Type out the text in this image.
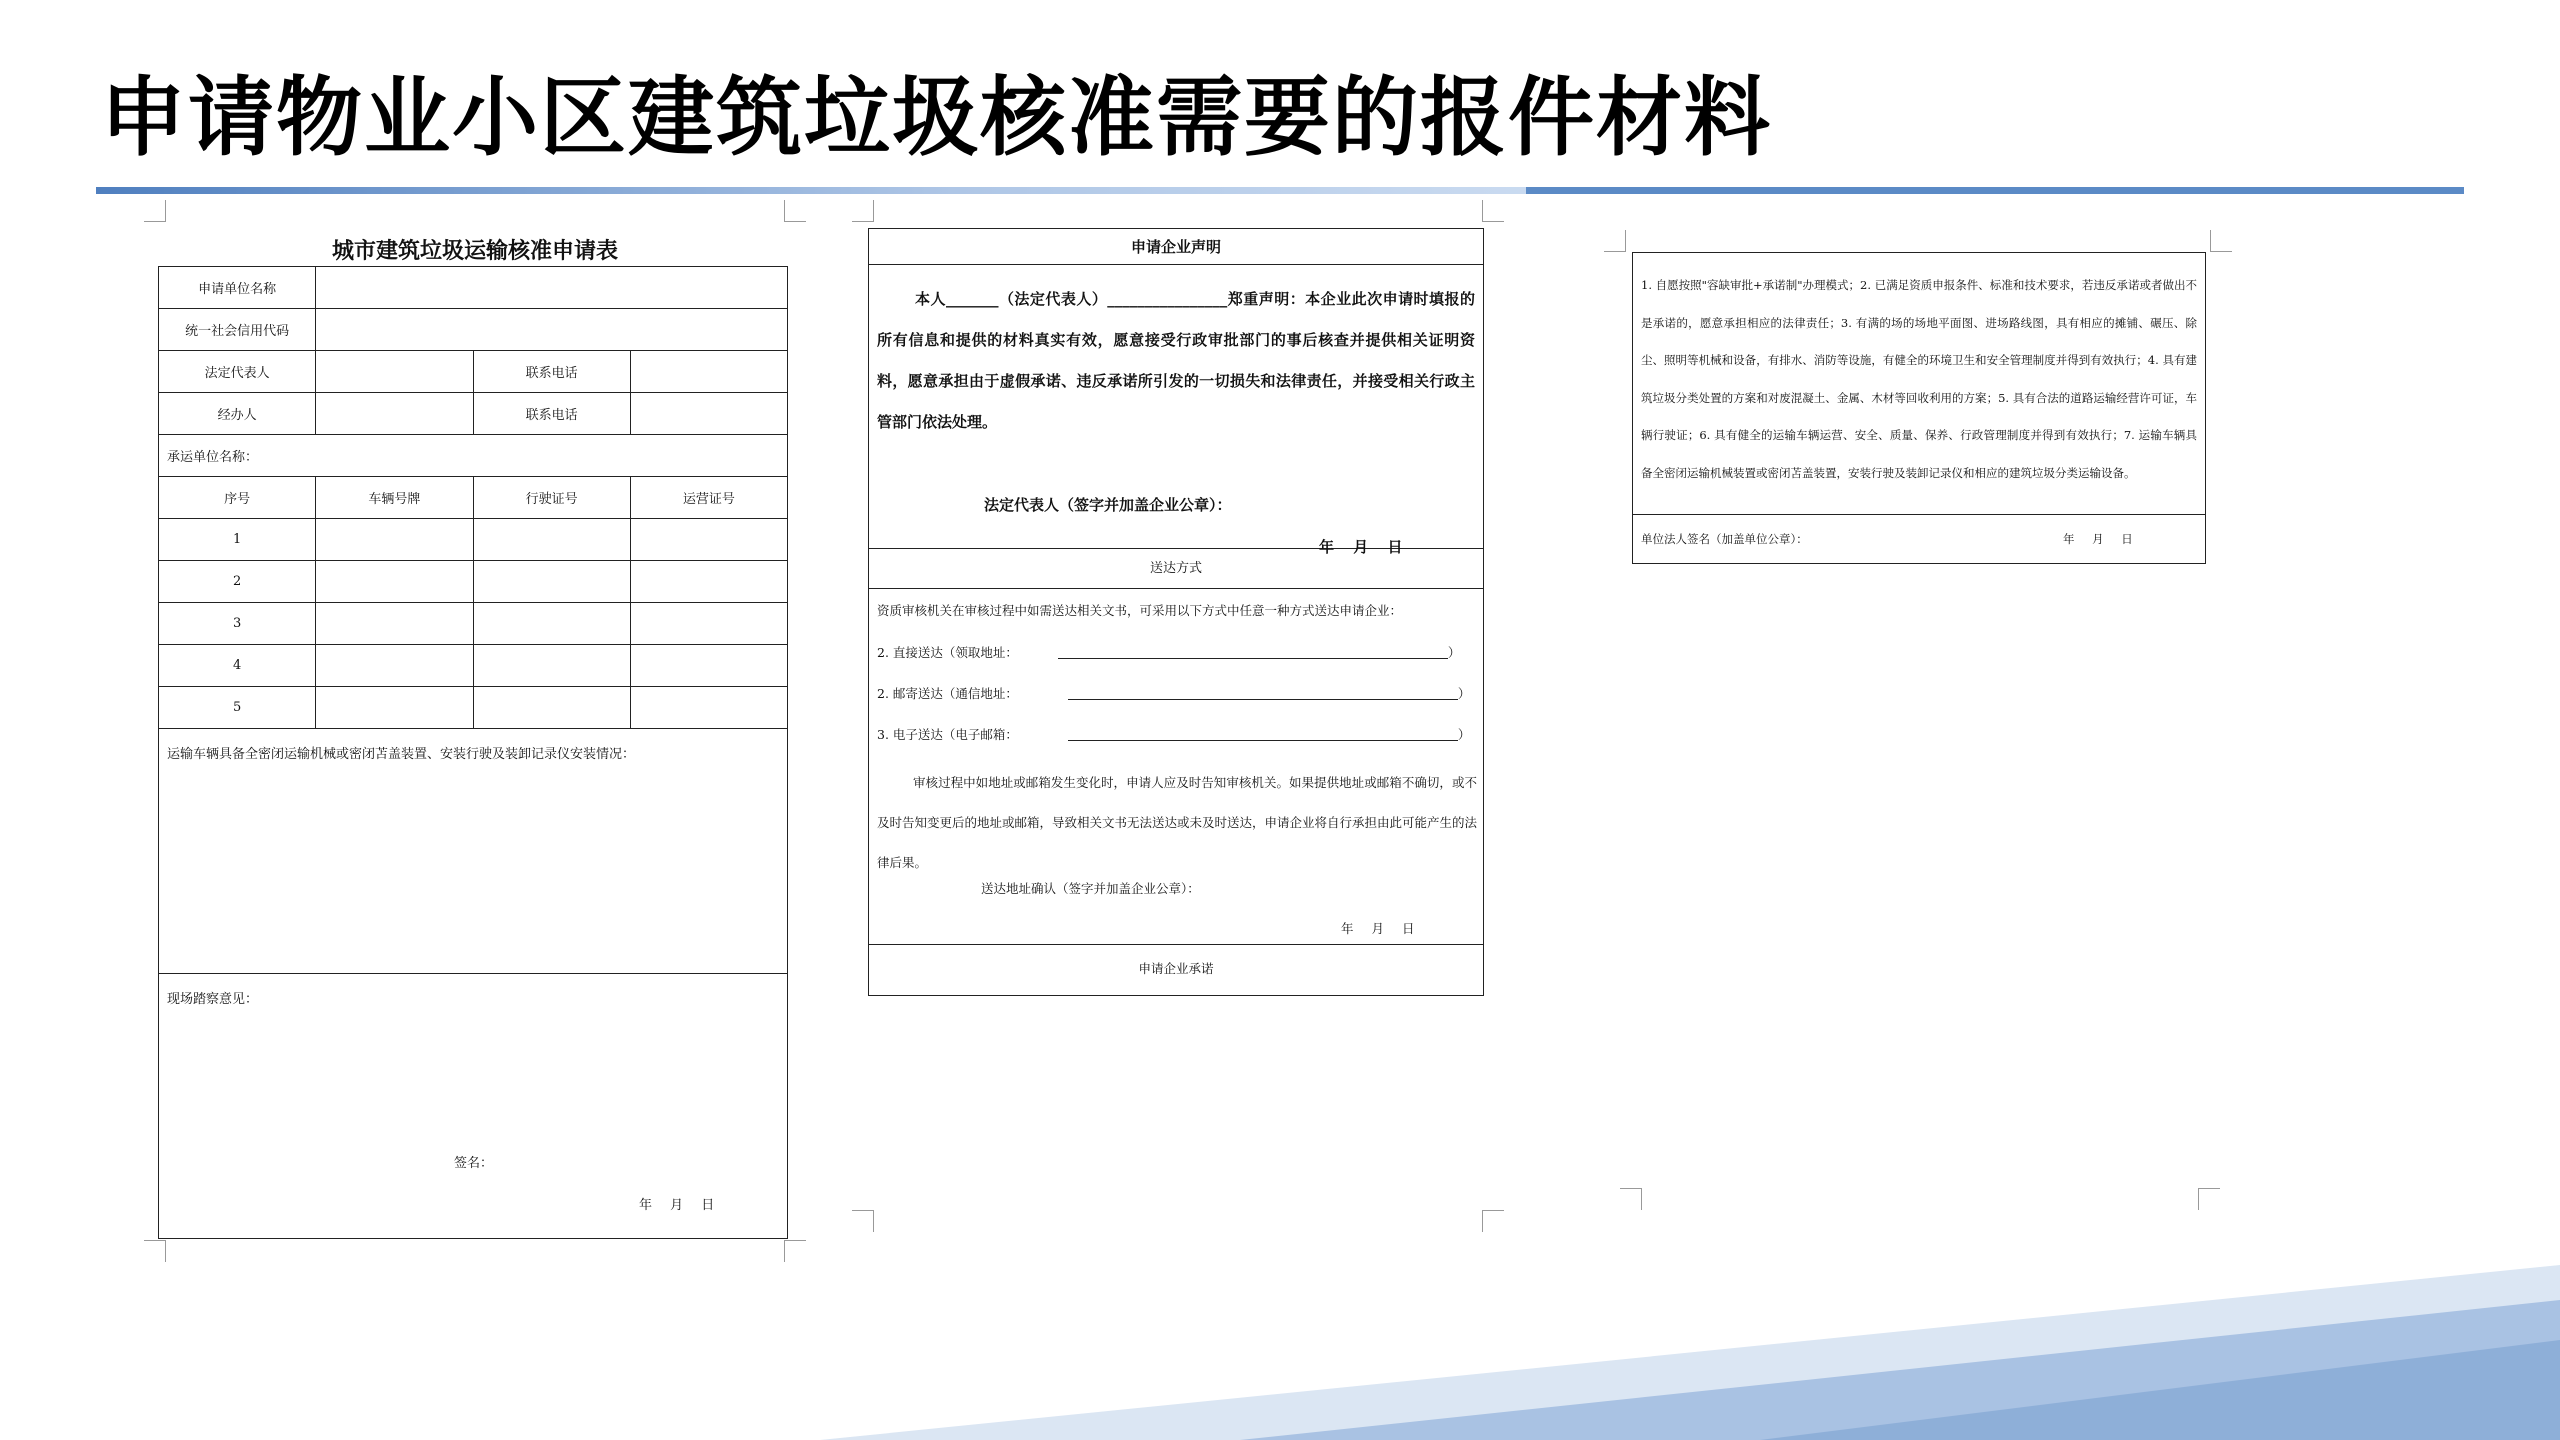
申请物业小区建筑垃圾核准需要的报件材料
城市建筑垃圾运输核准申请表
申请单位名称			
统一社会信用代码			
法定代表人		联系电话	
经办人		联系电话	
承运单位名称：			
序号	车辆号牌	行驶证号	运营证号
1			
2			
3			
4			
5			
运输车辆具备全密闭运输机械或密闭苫盖装置、安装行驶及装卸记录仪安装情况：			
现场踏察意见：
签名：
年 月 日			
申请企业声明
本人_______（法定代表人）________________郑重声明：本企业此次申请时填报的所有信息和提供的材料真实有效，愿意接受行政审批部门的事后核查并提供相关证明资料，愿意承担由于虚假承诺、违反承诺所引发的一切损失和法律责任，并接受相关行政主管部门依法处理。
法定代表人（签字并加盖企业公章）：
年 月 日
送达方式
资质审核机关在审核过程中如需送达相关文书，可采用以下方式中任意一种方式送达申请企业：
2. 直接送达（领取地址：	）
2. 邮寄送达（通信地址：	）
3. 电子送达（电子邮箱：	）
审核过程中如地址或邮箱发生变化时，申请人应及时告知审核机关。如果提供地址或邮箱不确切，或不及时告知变更后的地址或邮箱，导致相关文书无法送达或未及时送达，申请企业将自行承担由此可能产生的法律后果。
送达地址确认（签字并加盖企业公章）：
年 月 日
申请企业承诺
1. 自愿按照"容缺审批+承诺制"办理模式；2. 已满足资质申报条件、标准和技术要求，若违反承诺或者做出不是承诺的，愿意承担相应的法律责任；3. 有满的场的场地平面图、进场路线图，具有相应的摊铺、碾压、除尘、照明等机械和设备，有排水、消防等设施，有健全的环境卫生和安全管理制度并得到有效执行；4. 具有建筑垃圾分类处置的方案和对废混凝土、金属、木材等回收利用的方案；5. 具有合法的道路运输经营许可证，车辆行驶证；6. 具有健全的运输车辆运营、安全、质量、保养、行政管理制度并得到有效执行；7. 运输车辆具备全密闭运输机械装置或密闭苫盖装置，安装行驶及装卸记录仪和相应的建筑垃圾分类运输设备。
单位法人签名（加盖单位公章）：	年 月 日
